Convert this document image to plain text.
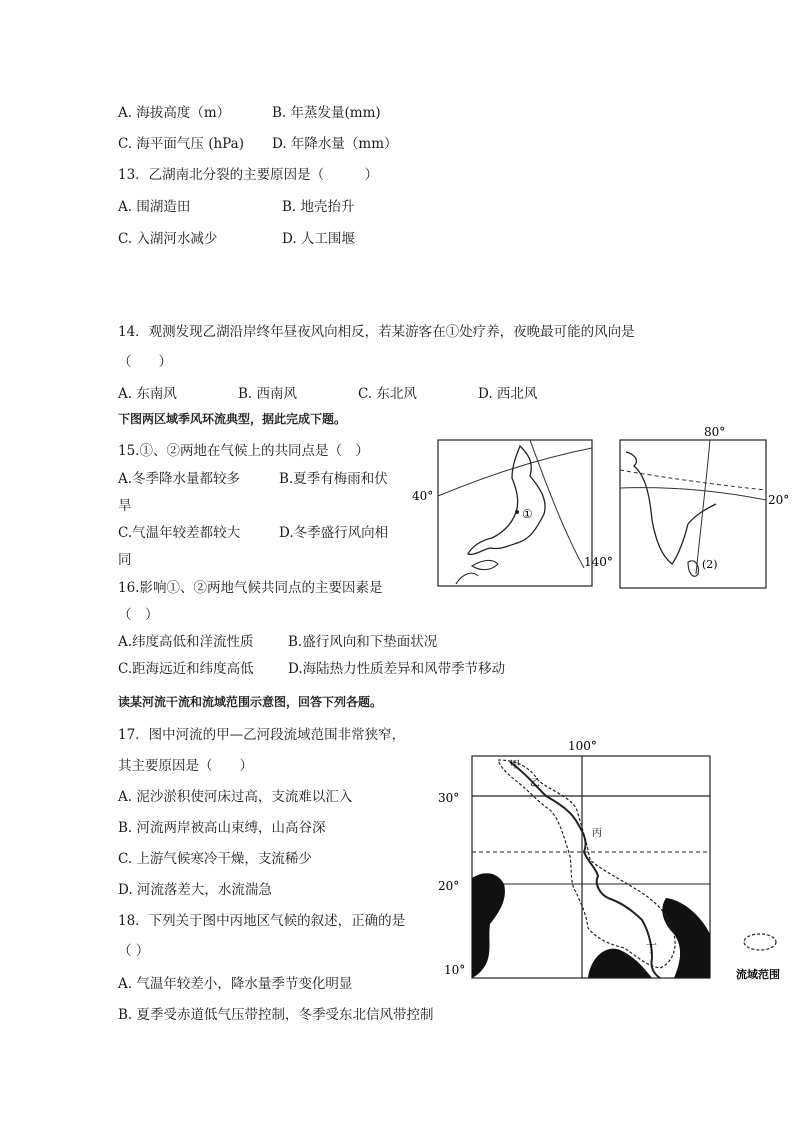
A. 海拔高度（m）	B. 年蒸发量(mm)
C. 海平面气压 (hPa) D. 年降水量（mm）
13．乙湖南北分裂的主要原因是（　　　）
A. 围湖造田	B. 地壳抬升
C. 入湖河水减少	D. 人工围堰
14．观测发现乙湖沿岸终年昼夜风向相反，若某游客在①处疗养，夜晚最可能的风向是
（　　）
A. 东南风	B. 西南风	C. 东北风	D. 西北风
下图两区域季风环流典型，据此完成下题。
15.①、②两地在气候上的共同点是（　）
A.冬季降水量都较多	B.夏季有梅雨和伏
旱
C.气温年较差都较大	D.冬季盛行风向相
同
16.影响①、②两地气候共同点的主要因素是
（　）
A.纬度高低和洋流性质	B.盛行风向和下垫面状况
C.距海远近和纬度高低	D.海陆热力性质差异和风带季节移动
读某河流干流和流域范围示意图，回答下列各题。
17．图中河流的甲—乙河段流域范围非常狭窄，
其主要原因是（　　）
A. 泥沙淤积使河床过高，支流难以汇入
B. 河流两岸被高山束缚，山高谷深
C. 上游气候寒冷干燥，支流稀少
D. 河流落差大，水流湍急
18．下列关于图中丙地区气候的叙述，正确的是
（ ）
A. 气温年较差小，降水量季节变化明显
B. 夏季受赤道低气压带控制，冬季受东北信风带控制
①
40°
140°	(2)
80°
20°
甲
乙
丙
丁
100°
30°
20°
10°	流域范围
